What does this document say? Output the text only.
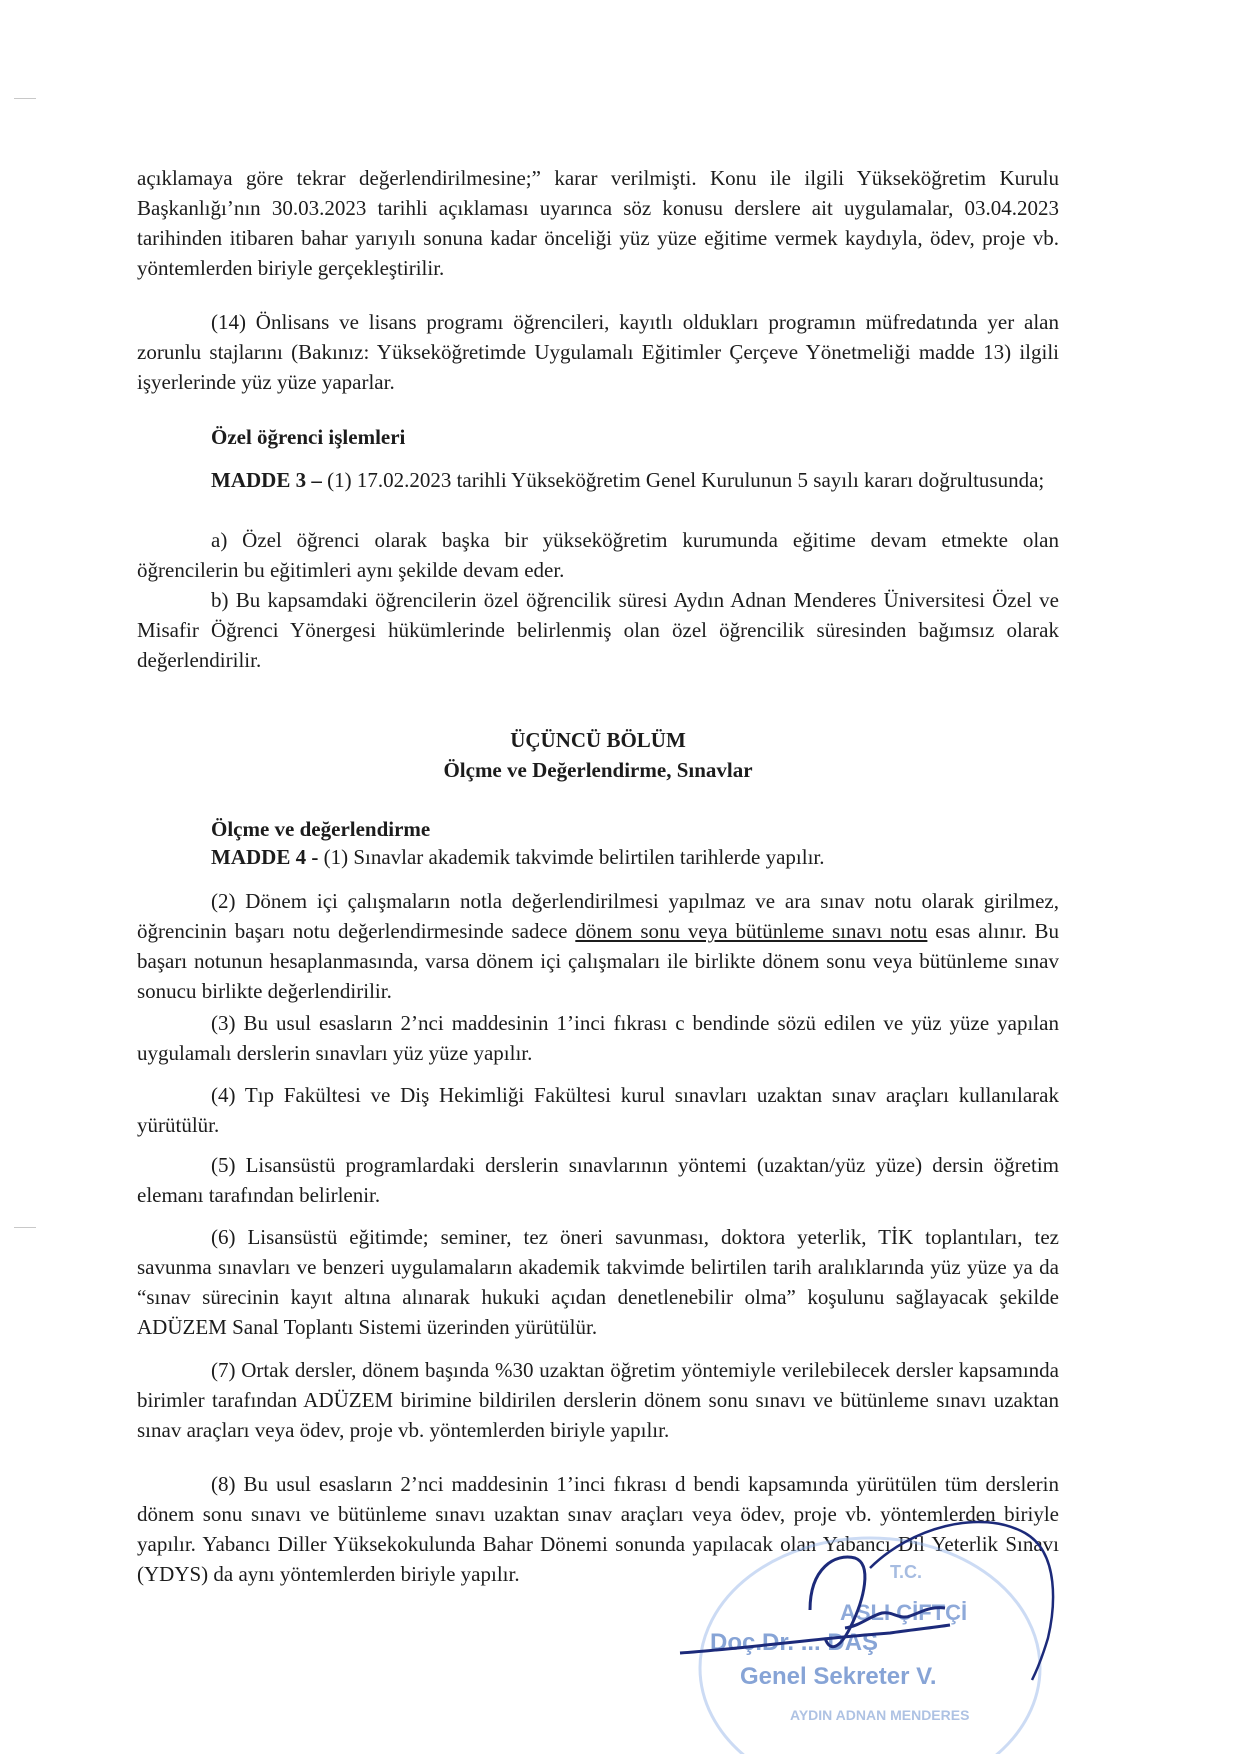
açıklamaya göre tekrar değerlendirilmesine;” karar verilmişti. Konu ile ilgili Yükseköğretim Kurulu Başkanlığı’nın 30.03.2023 tarihli açıklaması uyarınca söz konusu derslere ait uygulamalar, 03.04.2023 tarihinden itibaren bahar yarıyılı sonuna kadar önceliği yüz yüze eğitime vermek kaydıyla, ödev, proje vb. yöntemlerden biriyle gerçekleştirilir.

(14) Önlisans ve lisans programı öğrencileri, kayıtlı oldukları programın müfredatında yer alan zorunlu stajlarını (Bakınız: Yükseköğretimde Uygulamalı Eğitimler Çerçeve Yönetmeliği madde 13) ilgili işyerlerinde yüz yüze yaparlar.

Özel öğrenci işlemleri

MADDE 3 – (1) 17.02.2023 tarihli Yükseköğretim Genel Kurulunun 5 sayılı kararı doğrultusunda;

a) Özel öğrenci olarak başka bir yükseköğretim kurumunda eğitime devam etmekte olan öğrencilerin bu eğitimleri aynı şekilde devam eder.

b) Bu kapsamdaki öğrencilerin özel öğrencilik süresi Aydın Adnan Menderes Üniversitesi Özel ve Misafir Öğrenci Yönergesi hükümlerinde belirlenmiş olan özel öğrencilik süresinden bağımsız olarak değerlendirilir.

ÜÇÜNCÜ BÖLÜM

Ölçme ve Değerlendirme, Sınavlar

Ölçme ve değerlendirme

MADDE 4 - (1) Sınavlar akademik takvimde belirtilen tarihlerde yapılır.

(2) Dönem içi çalışmaların notla değerlendirilmesi yapılmaz ve ara sınav notu olarak girilmez, öğrencinin başarı notu değerlendirmesinde sadece dönem sonu veya bütünleme sınavı notu esas alınır. Bu başarı notunun hesaplanmasında, varsa dönem içi çalışmaları ile birlikte dönem sonu veya bütünleme sınav sonucu birlikte değerlendirilir.

(3) Bu usul esasların 2’nci maddesinin 1’inci fıkrası c bendinde sözü edilen ve yüz yüze yapılan uygulamalı derslerin sınavları yüz yüze yapılır.

(4) Tıp Fakültesi ve Diş Hekimliği Fakültesi kurul sınavları uzaktan sınav araçları kullanılarak yürütülür.

(5) Lisansüstü programlardaki derslerin sınavlarının yöntemi (uzaktan/yüz yüze) dersin öğretim elemanı tarafından belirlenir.

(6) Lisansüstü eğitimde; seminer, tez öneri savunması, doktora yeterlik, TİK toplantıları, tez savunma sınavları ve benzeri uygulamaların akademik takvimde belirtilen tarih aralıklarında yüz yüze ya da “sınav sürecinin kayıt altına alınarak hukuki açıdan denetlenebilir olma” koşulunu sağlayacak şekilde ADÜZEM Sanal Toplantı Sistemi üzerinden yürütülür.

(7) Ortak dersler, dönem başında %30 uzaktan öğretim yöntemiyle verilebilecek dersler kapsamında birimler tarafından ADÜZEM birimine bildirilen derslerin dönem sonu sınavı ve bütünleme sınavı uzaktan sınav araçları veya ödev, proje vb. yöntemlerden biriyle yapılır.

(8) Bu usul esasların 2’nci maddesinin 1’inci fıkrası d bendi kapsamında yürütülen tüm derslerin dönem sonu sınavı ve bütünleme sınavı uzaktan sınav araçları veya ödev, proje vb. yöntemlerden biriyle yapılır. Yabancı Diller Yüksekokulunda Bahar Dönemi sonunda yapılacak olan Yabancı Dil Yeterlik Sınavı (YDYS) da aynı yöntemlerden biriyle yapılır.	T.C.
ASLI ÇİFTÇİ
Doç.Dr. ... DAŞ
Genel Sekreter V.
AYDIN ADNAN MENDERES
